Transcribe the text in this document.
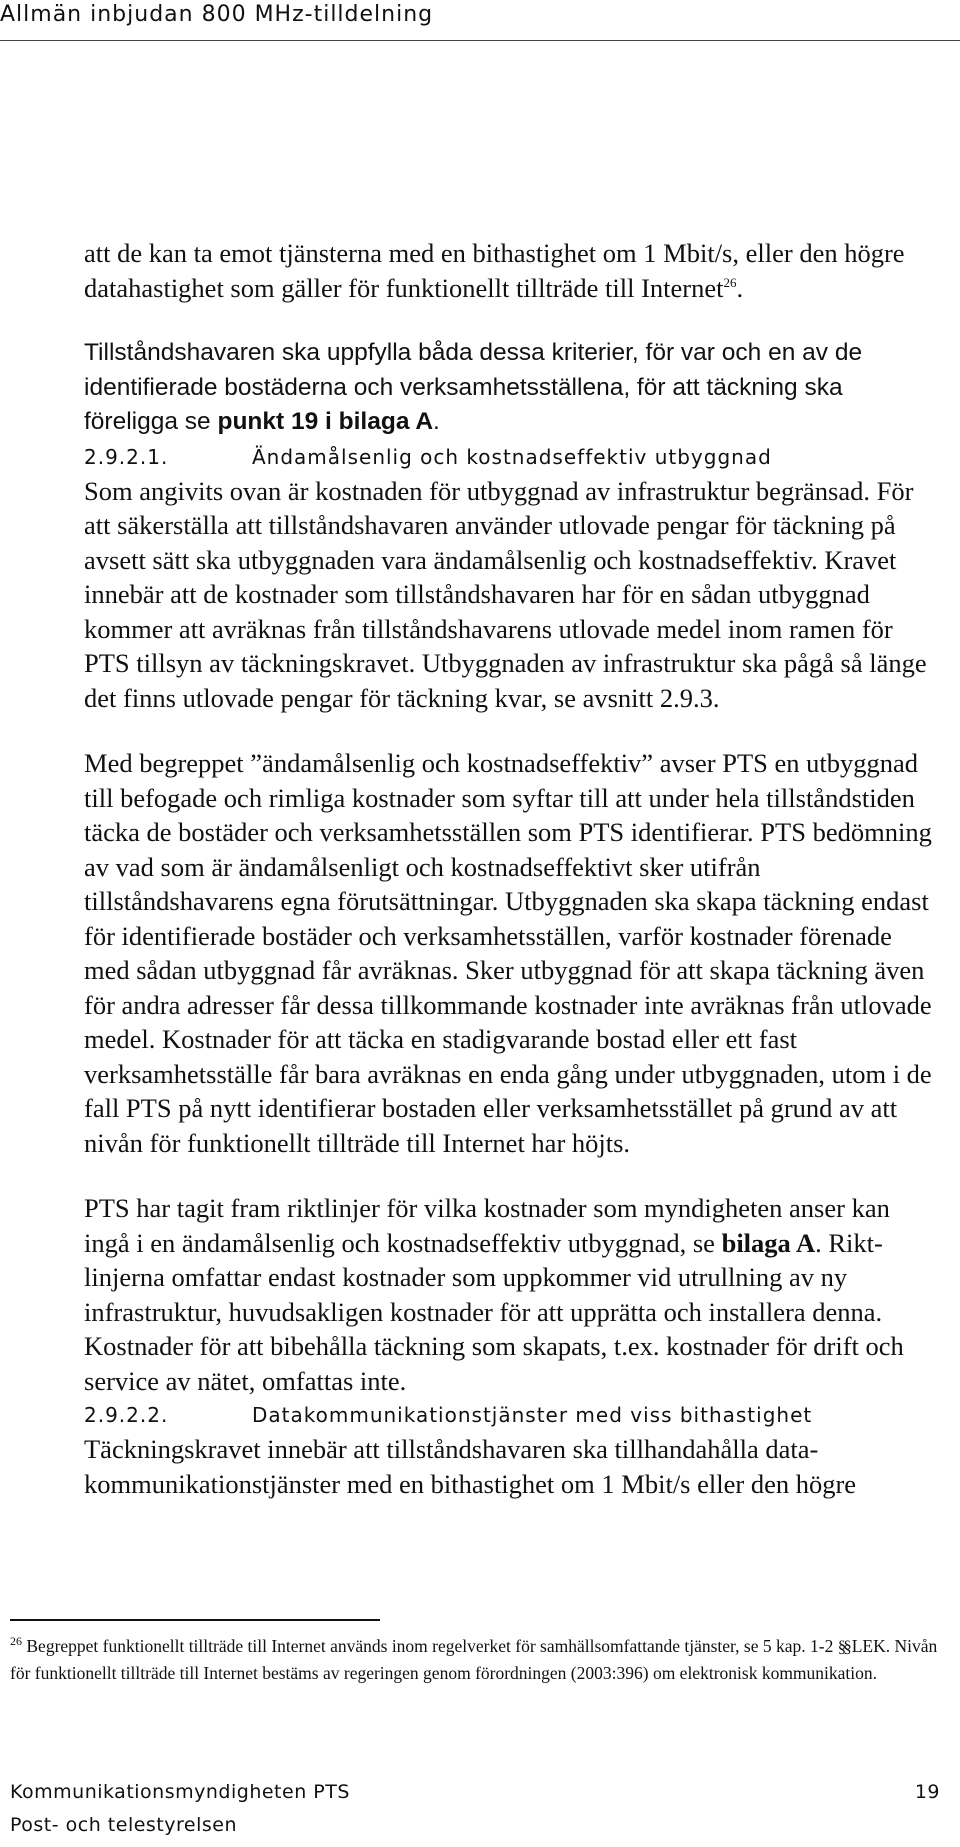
Allmän inbjudan 800 MHz-tilldelning

att de kan ta emot tjänsterna med en bithastighet om 1 Mbit/s, eller den högre datahastighet som gäller för funktionellt tillträde till Internet$^{26}$.

Tillståndshavaren ska uppfylla båda dessa kriterier, för var och en av de identifierade bostäderna och verksamhetsställena, för att täckning ska föreligga se punkt 19 i bilaga A.

2.9.2.1.	Ändamålsenlig och kostnadseffektiv utbyggnad

Som angivits ovan är kostnaden för utbyggnad av infrastruktur begränsad. För att säkerställa att tillståndshavaren använder utlovade pengar för täckning på avsett sätt ska utbyggnaden vara ändamålsenlig och kostnadseffektiv. Kravet innebär att de kostnader som tillståndshavaren har för en sådan utbyggnad kommer att avräknas från tillståndshavarens utlovade medel inom ramen för PTS tillsyn av täckningskravet. Utbyggnaden av infrastruktur ska pågå så länge det finns utlovade pengar för täckning kvar, se avsnitt 2.9.3.

Med begreppet ”ändamålsenlig och kostnadseffektiv” avser PTS en utbyggnad till befogade och rimliga kostnader som syftar till att under hela tillståndstiden täcka de bostäder och verksamhetsställen som PTS identifierar. PTS bedömning av vad som är ändamålsenligt och kostnadseffektivt sker utifrån tillståndshavarens egna förutsättningar. Utbyggnaden ska skapa täckning endast för identifierade bostäder och verksamhetsställen, varför kostnader förenade med sådan utbyggnad får avräknas. Sker utbyggnad för att skapa täckning även för andra adresser får dessa tillkommande kostnader inte avräknas från utlovade medel. Kostnader för att täcka en stadigvarande bostad eller ett fast verksamhetsställe får bara avräknas en enda gång under utbyggnaden, utom i de fall PTS på nytt identifierar bostaden eller verksamhetsstället på grund av att nivån för funktionellt tillträde till Internet har höjts.

PTS har tagit fram riktlinjer för vilka kostnader som myndigheten anser kan ingå i en ändamålsenlig och kostnadseffektiv utbyggnad, se bilaga A. Rikt-linjerna omfattar endast kostnader som uppkommer vid utrullning av ny infrastruktur, huvudsakligen kostnader för att upprätta och installera denna. Kostnader för att bibehålla täckning som skapats, t.ex. kostnader för drift och service av nätet, omfattas inte.

2.9.2.2.	Datakommunikationstjänster med viss bithastighet

Täckningskravet innebär att tillståndshavaren ska tillhandahålla data-kommunikationstjänster med en bithastighet om 1 Mbit/s eller den högre

$^{26}$ Begreppet funktionellt tillträde till Internet används inom regelverket för samhällsomfattande tjänster, se 5 kap. 1-2 §§ LEK. Nivån för funktionellt tillträde till Internet bestäms av regeringen genom förordningen (2003:396) om elektronisk kommunikation.
Kommunikationsmyndigheten PTS	19
Post- och telestyrelsen
